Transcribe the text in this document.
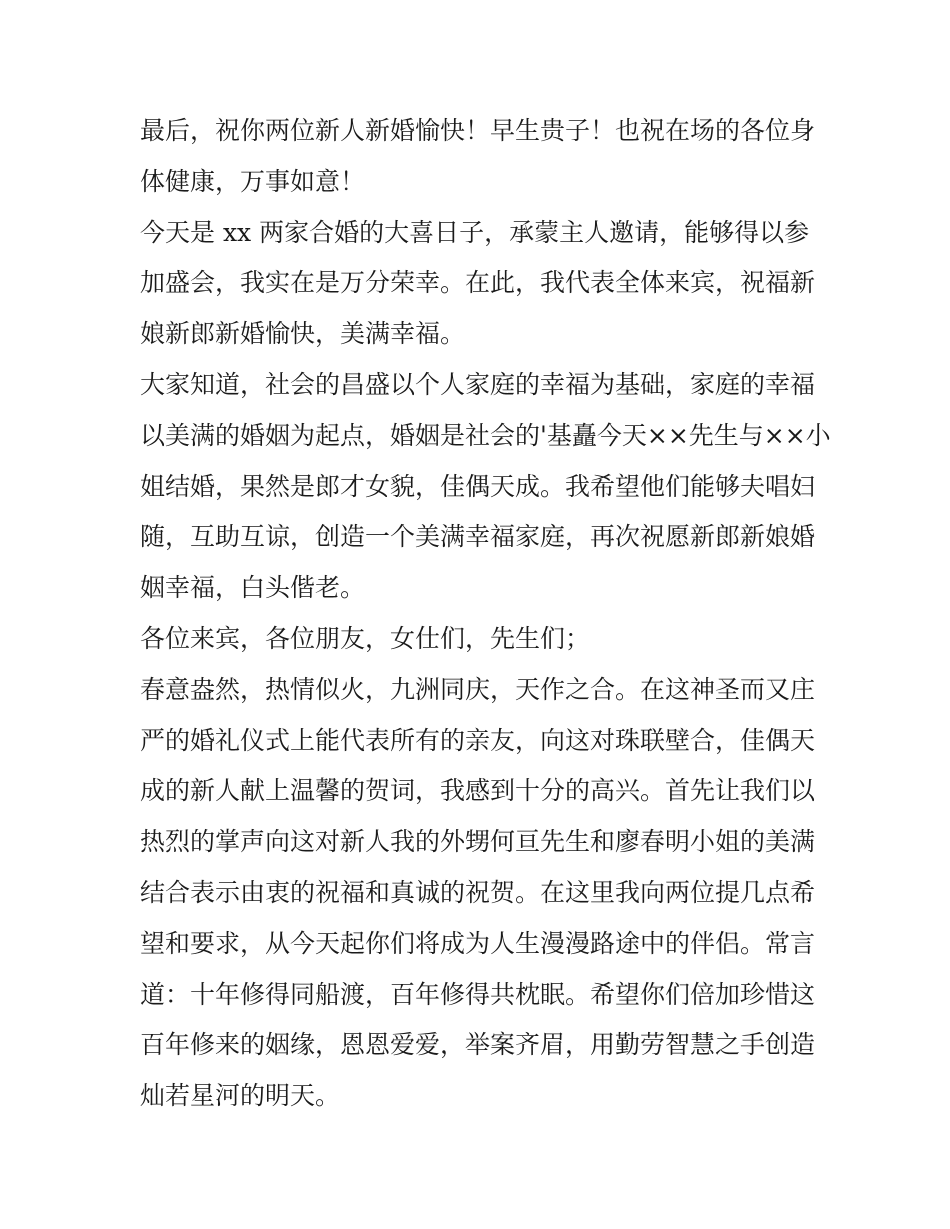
最后，祝你两位新人新婚愉快！早生贵子！也祝在场的各位身
体健康，万事如意！
今天是 xx 两家合婚的大喜日子，承蒙主人邀请，能够得以参
加盛会，我实在是万分荣幸。在此，我代表全体来宾，祝福新
娘新郎新婚愉快，美满幸福。
大家知道，社会的昌盛以个人家庭的幸福为基础，家庭的幸福
以美满的婚姻为起点，婚姻是社会的'基矗今天××先生与××小
姐结婚，果然是郎才女貌，佳偶天成。我希望他们能够夫唱妇
随，互助互谅，创造一个美满幸福家庭，再次祝愿新郎新娘婚
姻幸福，白头偕老。
各位来宾，各位朋友，女仕们，先生们；
春意盎然，热情似火，九洲同庆，天作之合。在这神圣而又庄
严的婚礼仪式上能代表所有的亲友，向这对珠联壁合，佳偶天
成的新人献上温馨的贺词，我感到十分的高兴。首先让我们以
热烈的掌声向这对新人我的外甥何亘先生和廖春明小姐的美满
结合表示由衷的祝福和真诚的祝贺。在这里我向两位提几点希
望和要求，从今天起你们将成为人生漫漫路途中的伴侣。常言
道：十年修得同船渡，百年修得共枕眠。希望你们倍加珍惜这
百年修来的姻缘，恩恩爱爱，举案齐眉，用勤劳智慧之手创造
灿若星河的明天。
